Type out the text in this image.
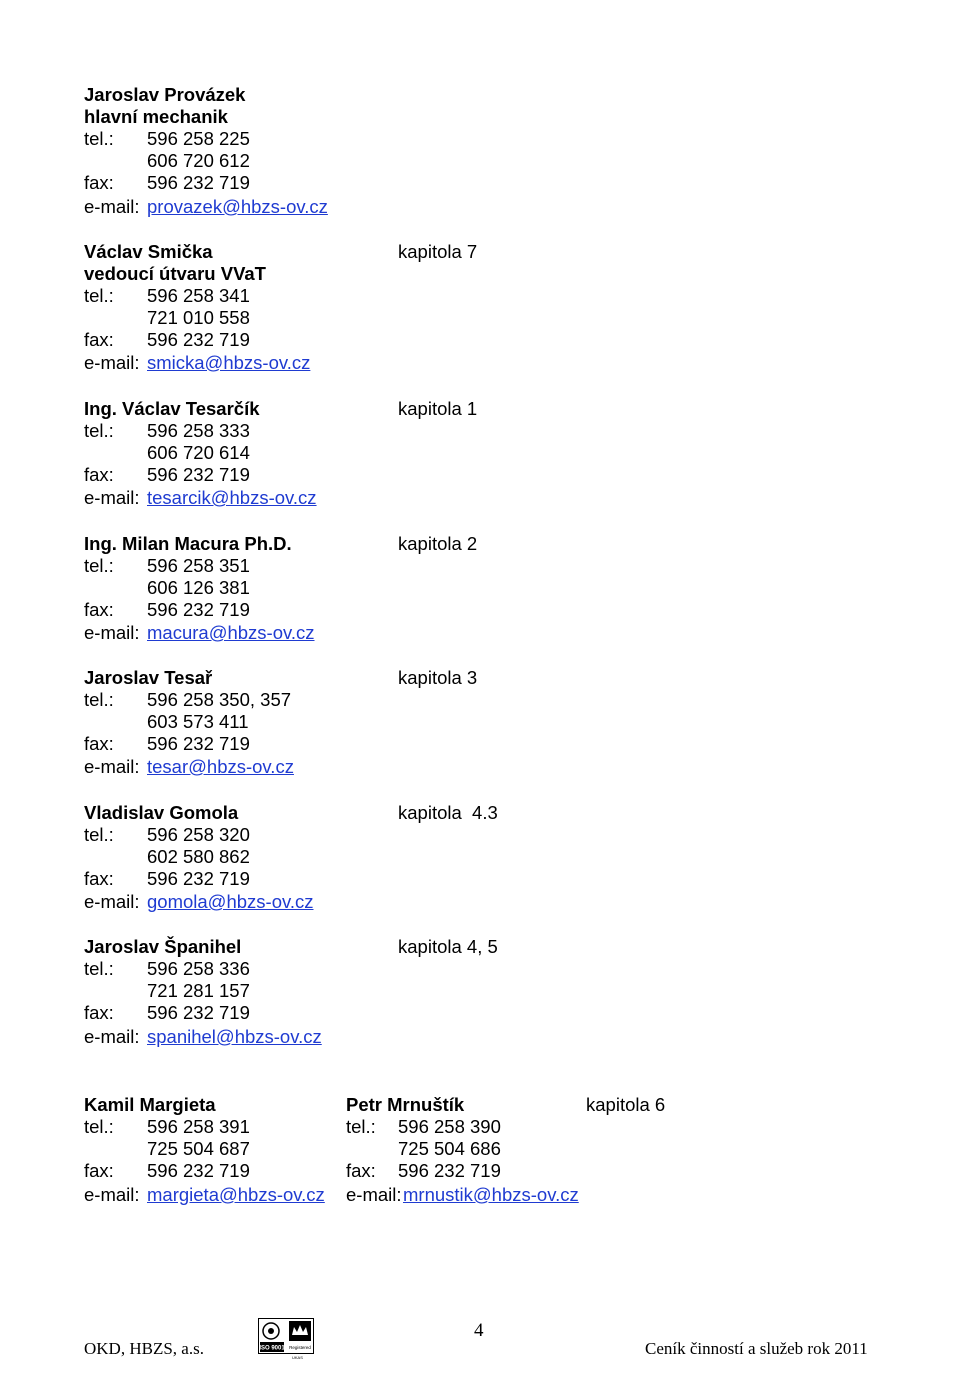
Jaroslav Provázek
hlavní mechanik
tel.: 596 258 225
606 720 612
fax: 596 232 719
e-mail: provazek@hbzs-ov.cz
Václav Smička	kapitola 7
vedoucí útvaru VVaT
tel.: 596 258 341
721 010 558
fax: 596 232 719
e-mail: smicka@hbzs-ov.cz
Ing. Václav Tesarčík	kapitola 1
tel.: 596 258 333
606 720 614
fax: 596 232 719
e-mail: tesarcik@hbzs-ov.cz
Ing. Milan Macura Ph.D.	kapitola 2
tel.: 596 258 351
606 126 381
fax: 596 232 719
e-mail: macura@hbzs-ov.cz
Jaroslav Tesař	kapitola 3
tel.: 596 258 350, 357
603 573 411
fax: 596 232 719
e-mail: tesar@hbzs-ov.cz
Vladislav Gomola	kapitola  4.3
tel.: 596 258 320
602 580 862
fax: 596 232 719
e-mail: gomola@hbzs-ov.cz
Jaroslav Španihel	kapitola 4, 5
tel.: 596 258 336
721 281 157
fax: 596 232 719
e-mail: spanihel@hbzs-ov.cz
Kamil Margieta	Petr Mrnuštík	kapitola 6
tel.: 596 258 391	tel.: 596 258 390
725 504 687	725 504 686
fax: 596 232 719	fax: 596 232 719
e-mail: margieta@hbzs-ov.cz e-mail: mrnustik@hbzs-ov.cz
OKD, HBZS, a.s.	ISO 9001 Registered
UKAS
4
Ceník činností a služeb rok 2011
